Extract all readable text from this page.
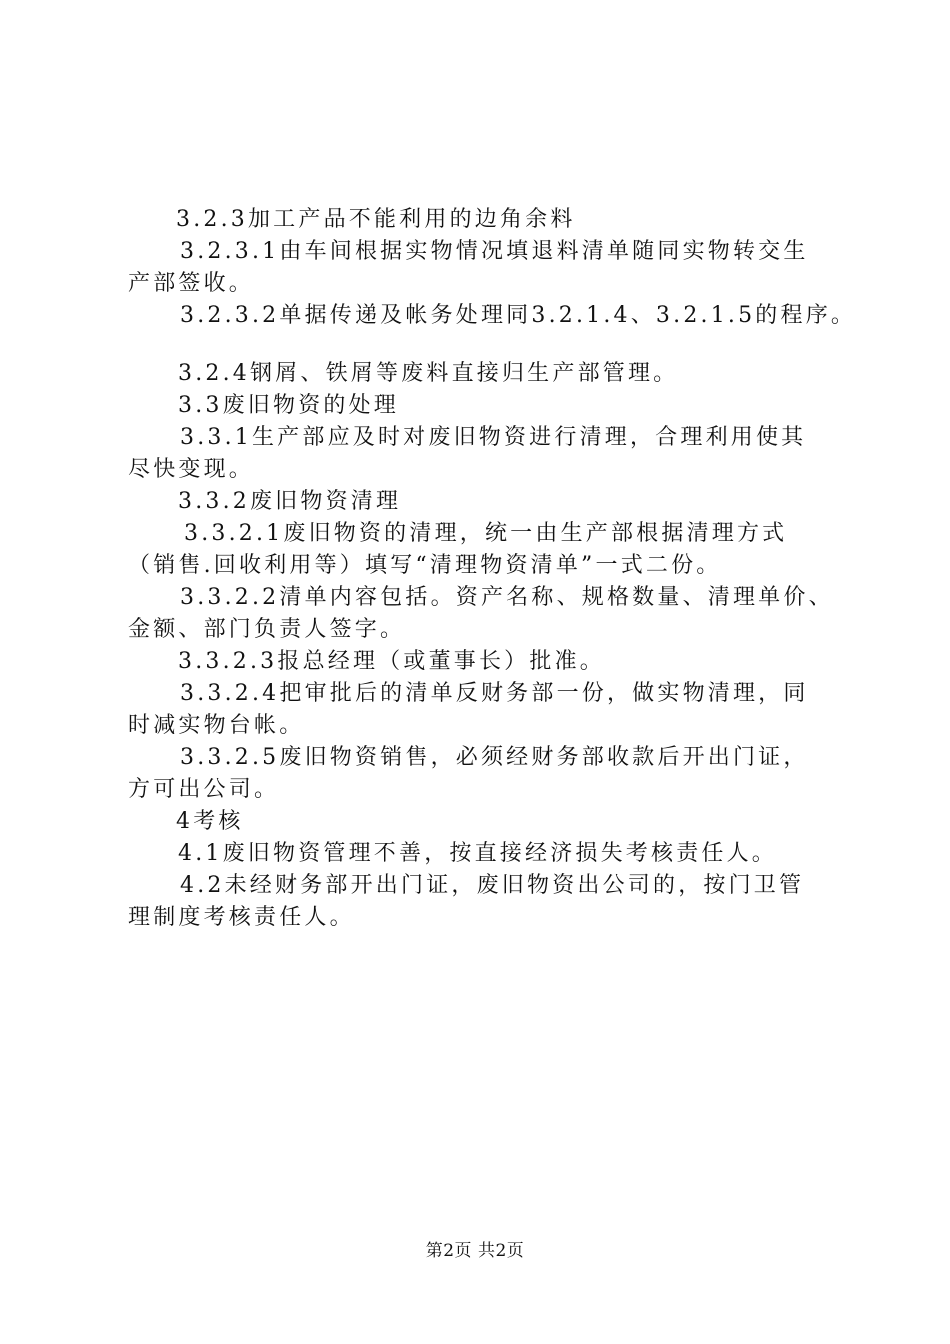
3.2.3加工产品不能利用的边角余料
3.2.3.1由车间根据实物情况填退料清单随同实物转交生
产部签收。
3.2.3.2单据传递及帐务处理同3.2.1.4、3.2.1.5的程序。
3.2.4钢屑、铁屑等废料直接归生产部管理。
3.3废旧物资的处理
3.3.1生产部应及时对废旧物资进行清理，合理利用使其
尽快变现。
3.3.2废旧物资清理
3.3.2.1废旧物资的清理，统一由生产部根据清理方式
（销售.回收利用等）填写“清理物资清单”一式二份。
3.3.2.2清单内容包括。资产名称、规格数量、清理单价、
金额、部门负责人签字。
3.3.2.3报总经理（或董事长）批准。
3.3.2.4把审批后的清单反财务部一份，做实物清理，同
时减实物台帐。
3.3.2.5废旧物资销售，必须经财务部收款后开出门证，
方可出公司。
4考核
4.1废旧物资管理不善，按直接经济损失考核责任人。
4.2未经财务部开出门证，废旧物资出公司的，按门卫管
理制度考核责任人。
第2页 共2页
